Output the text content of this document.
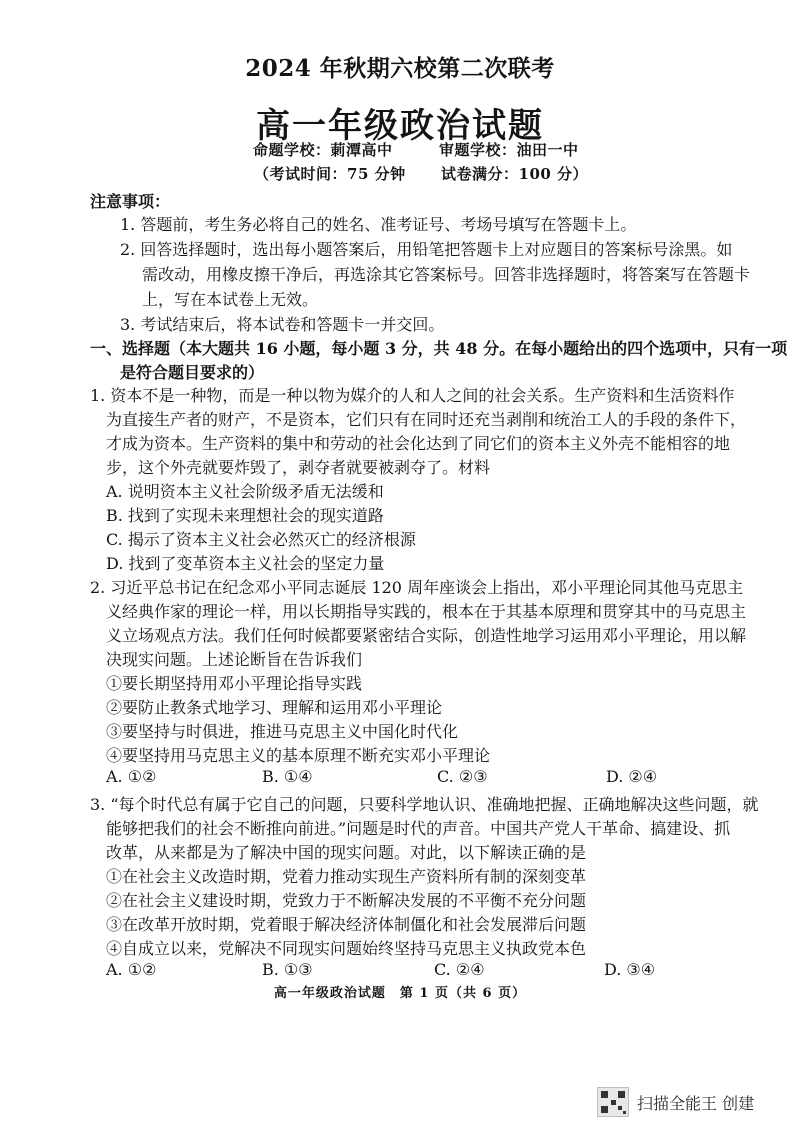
2024 年秋期六校第二次联考
高一年级政治试题
命题学校：莿潭高中	审题学校：油田一中
（考试时间：75 分钟 试卷满分：100 分）
注意事项：
1. 答题前，考生务必将自己的姓名、准考证号、考场号填写在答题卡上。
2. 回答选择题时，选出每小题答案后，用铅笔把答题卡上对应题目的答案标号涂黑。如
需改动，用橡皮擦干净后，再选涂其它答案标号。回答非选择题时，将答案写在答题卡
上，写在本试卷上无效。
3. 考试结束后，将本试卷和答题卡一并交回。
一、选择题（本大题共 16 小题，每小题 3 分，共 48 分。在每小题给出的四个选项中，只有一项
是符合题目要求的）
1. 资本不是一种物，而是一种以物为媒介的人和人之间的社会关系。生产资料和生活资料作
为直接生产者的财产，不是资本，它们只有在同时还充当剥削和统治工人的手段的条件下，
才成为资本。生产资料的集中和劳动的社会化达到了同它们的资本主义外壳不能相容的地
步，这个外壳就要炸毁了，剥夺者就要被剥夺了。材料
A. 说明资本主义社会阶级矛盾无法缓和
B. 找到了实现未来理想社会的现实道路
C. 揭示了资本主义社会必然灭亡的经济根源
D. 找到了变革资本主义社会的坚定力量
2. 习近平总书记在纪念邓小平同志诞辰 120 周年座谈会上指出，邓小平理论同其他马克思主
义经典作家的理论一样，用以长期指导实践的，根本在于其基本原理和贯穿其中的马克思主
义立场观点方法。我们任何时候都要紧密结合实际，创造性地学习运用邓小平理论，用以解
决现实问题。上述论断旨在告诉我们
①要长期坚持用邓小平理论指导实践
②要防止教条式地学习、理解和运用邓小平理论
③要坚持与时俱进，推进马克思主义中国化时代化
④要坚持用马克思主义的基本原理不断充实邓小平理论
A. ①②	B. ①④	C. ②③	D. ②④
3. “每个时代总有属于它自己的问题，只要科学地认识、准确地把握、正确地解决这些问题，就
能够把我们的社会不断推向前进。”问题是时代的声音。中国共产党人干革命、搞建设、抓
改革，从来都是为了解决中国的现实问题。对此，以下解读正确的是
①在社会主义改造时期，党着力推动实现生产资料所有制的深刻变革
②在社会主义建设时期，党致力于不断解决发展的不平衡不充分问题
③在改革开放时期，党着眼于解决经济体制僵化和社会发展滞后问题
④自成立以来，党解决不同现实问题始终坚持马克思主义执政党本色
A. ①②	B. ①③	C. ②④	D. ③④
高一年级政治试题　第 1 页（共 6 页）
扫描全能王 创建
